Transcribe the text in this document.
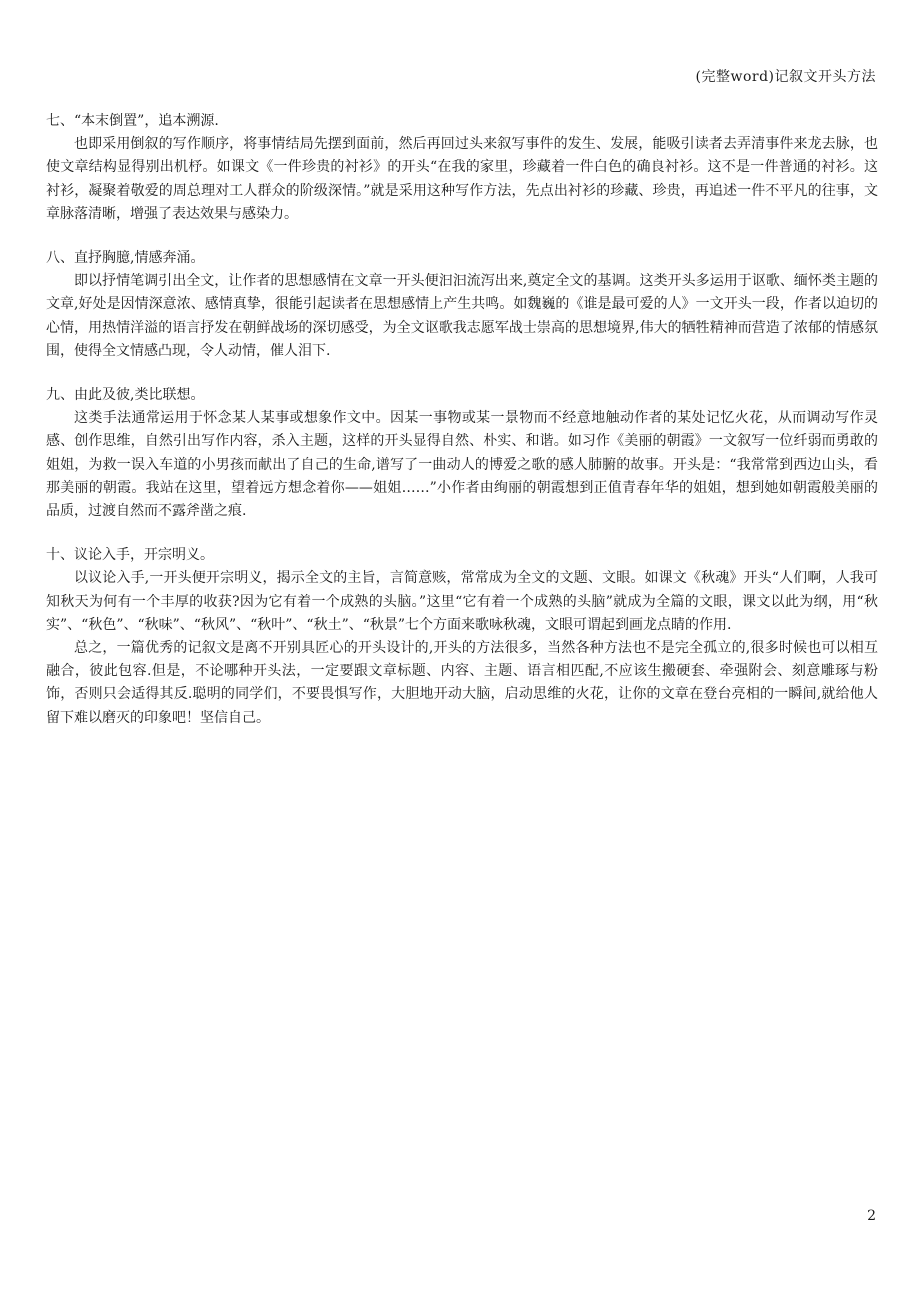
(完整word)记叙文开头方法

七、“本末倒置”，追本溯源.

也即采用倒叙的写作顺序，将事情结局先摆到面前，然后再回过头来叙写事件的发生、发展，能吸引读者去弄清事件来龙去脉，也使文章结构显得别出机杼。如课文《一件珍贵的衬衫》的开头“在我的家里，珍藏着一件白色的确良衬衫。这不是一件普通的衬衫。这衬衫，凝聚着敬爱的周总理对工人群众的阶级深情。”就是采用这种写作方法，先点出衬衫的珍藏、珍贵，再追述一件不平凡的往事，文章脉落清晰，增强了表达效果与感染力。

八、直抒胸臆,情感奔涌。

即以抒情笔调引出全文，让作者的思想感情在文章一开头便汩汩流泻出来,奠定全文的基调。这类开头多运用于讴歌、缅怀类主题的文章,好处是因情深意浓、感情真挚，很能引起读者在思想感情上产生共鸣。如魏巍的《谁是最可爱的人》一文开头一段，作者以迫切的心情，用热情洋溢的语言抒发在朝鲜战场的深切感受，为全文讴歌我志愿军战士崇高的思想境界,伟大的牺牲精神而营造了浓郁的情感氛围，使得全文情感凸现，令人动情，催人泪下.

九、由此及彼,类比联想。

这类手法通常运用于怀念某人某事或想象作文中。因某一事物或某一景物而不经意地触动作者的某处记忆火花，从而调动写作灵感、创作思维，自然引出写作内容，杀入主题，这样的开头显得自然、朴实、和谐。如习作《美丽的朝霞》一文叙写一位纤弱而勇敢的姐姐，为救一误入车道的小男孩而献出了自己的生命,谱写了一曲动人的博爱之歌的感人肺腑的故事。开头是：“我常常到西边山头，看那美丽的朝霞。我站在这里，望着远方想念着你——姐姐……”小作者由绚丽的朝霞想到正值青春年华的姐姐，想到她如朝霞般美丽的品质，过渡自然而不露斧凿之痕.

十、议论入手，开宗明义。

以议论入手,一开头便开宗明义，揭示全文的主旨，言简意赅，常常成为全文的文题、文眼。如课文《秋魂》开头“人们啊，人我可知秋天为何有一个丰厚的收获?因为它有着一个成熟的头脑。”这里“它有着一个成熟的头脑”就成为全篇的文眼，课文以此为纲，用“秋实”、“秋色”、“秋味”、“秋风”、“秋叶”、“秋土”、“秋景”七个方面来歌咏秋魂，文眼可谓起到画龙点睛的作用.

总之，一篇优秀的记叙文是离不开别具匠心的开头设计的,开头的方法很多，当然各种方法也不是完全孤立的,很多时候也可以相互融合，彼此包容.但是，不论哪种开头法，一定要跟文章标题、内容、主题、语言相匹配,不应该生搬硬套、牵强附会、刻意雕琢与粉饰，否则只会适得其反.聪明的同学们，不要畏惧写作，大胆地开动大脑，启动思维的火花，让你的文章在登台亮相的一瞬间,就给他人留下难以磨灭的印象吧！坚信自己。

2
